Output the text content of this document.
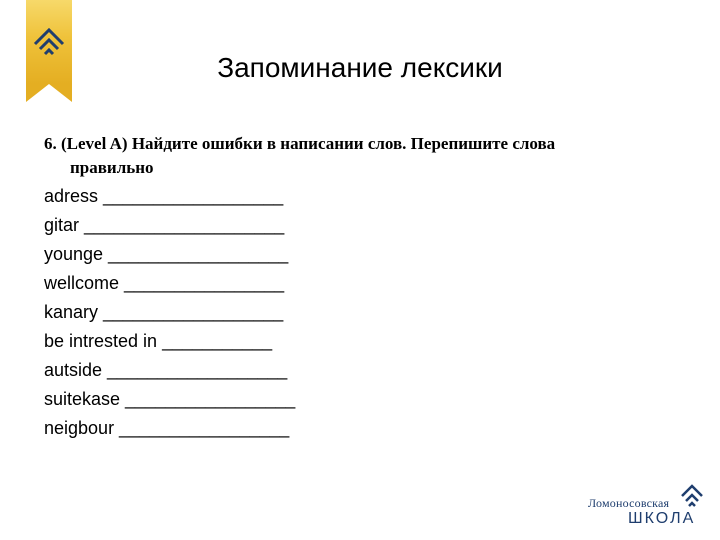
Запоминание лексики
6. (Level A) Найдите ошибки в написании слов. Перепишите слова
правильно
adress __________________
gitar ____________________
younge __________________
wellcome ________________
kanary __________________
be intrested in ___________
autside __________________
suitekase _________________
neigbour _________________
Ломоносовская
ШКОЛА
